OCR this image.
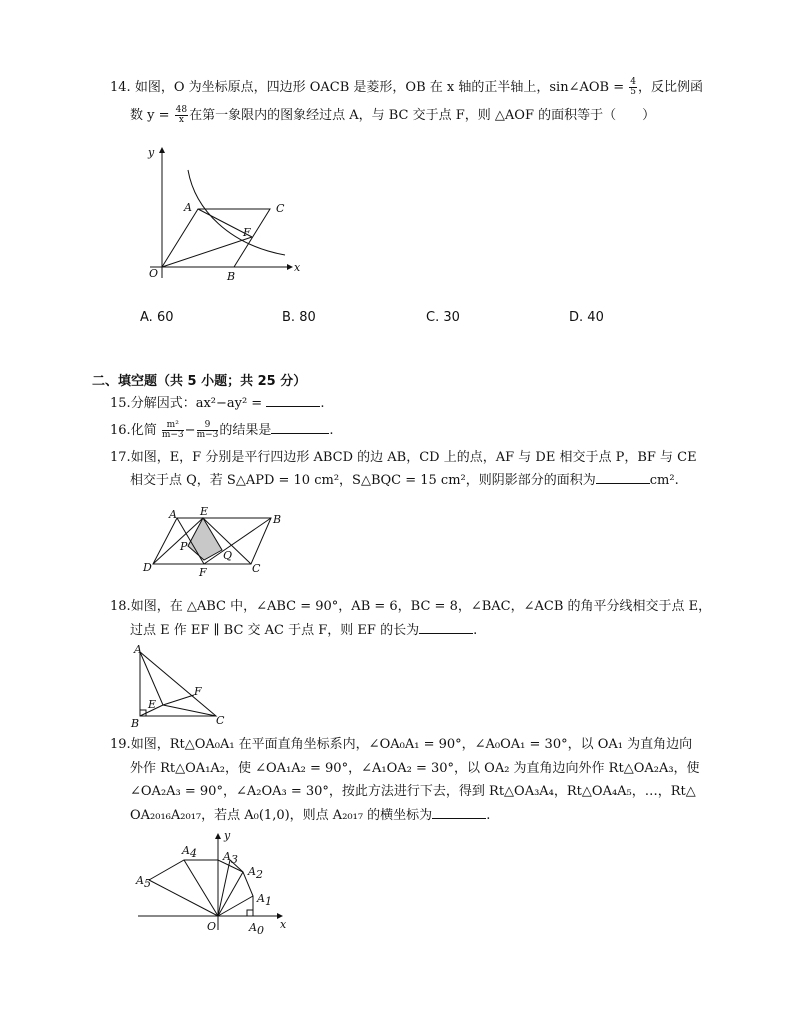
14. 如图，O 为坐标原点，四边形 OACB 是菱形，OB 在 x 轴的正半轴上，sin∠AOB = $\frac{4}{5}$ ，反比例函
数 $y = \frac{48}{x}$ 在第一象限内的图象经过点 A，与 BC 交于点 F，则 △AOF 的面积等于（　　）
y
x
O
A
B
C
F
A. 60	B. 80	C. 30	D. 40
二、填空题（共 5 小题；共 25 分）
15.分解因式：ax²−ay² =	.
16.化简 $\frac{\text{m²}}{m-3} - \frac{9}{m-3}$ 的结果是	.
17.如图，E，F 分别是平行四边形 ABCD 的边 AB，CD 上的点，AF 与 DE 相交于点 P，BF 与 CE
相交于点 Q，若 S△APD = 10 cm²，S△BQC = 15 cm²，则阴影部分的面积为	cm².
A E
B
P
Q
D	F	C
18.如图，在 △ABC 中，∠ABC = 90°，AB = 6，BC = 8，∠BAC，∠ACB 的角平分线相交于点 E，
过点 E 作 EF ∥ BC 交 AC 于点 F，则 EF 的长为	.
A
B	C
E
F
19.如图，Rt△OA₀A₁ 在平面直角坐标系内，∠OA₀A₁ = 90°，∠A₀OA₁ = 30°，以 OA₁ 为直角边向
外作 Rt△OA₁A₂，使 ∠OA₁A₂ = 90°，∠A₁OA₂ = 30°，以 OA₂ 为直角边向外作 Rt△OA₂A₃，使
∠OA₂A₃ = 90°，∠A₂OA₃ = 30°，按此方法进行下去，得到 Rt△OA₃A₄，Rt△OA₄A₅，…，Rt△
OA₂₀₁₆A₂₀₁₇，若点 A₀(1,0)，则点 A₂₀₁₇ 的横坐标为	.
y
x
O	A0
A1
A2
A3
A4
A5
